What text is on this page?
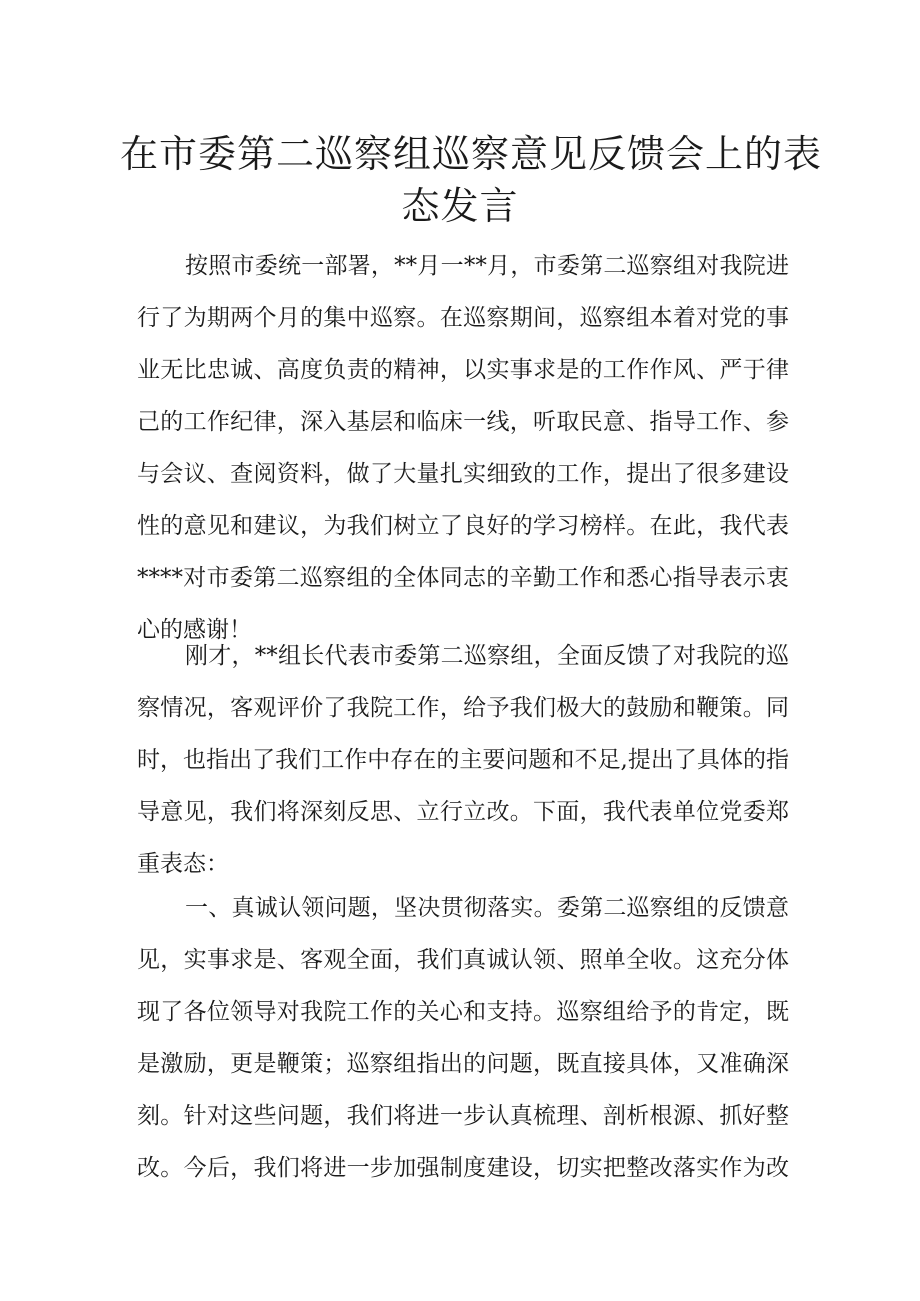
在市委第二巡察组巡察意见反馈会上的表
态发言
按照市委统一部署，**月一**月，市委第二巡察组对我院进
行了为期两个月的集中巡察。在巡察期间，巡察组本着对党的事
业无比忠诚、高度负责的精神，以实事求是的工作作风、严于律
己的工作纪律，深入基层和临床一线，听取民意、指导工作、参
与会议、查阅资料，做了大量扎实细致的工作，提出了很多建设
性的意见和建议，为我们树立了良好的学习榜样。在此，我代表
****对市委第二巡察组的全体同志的辛勤工作和悉心指导表示衷
心的感谢！
刚才，**组长代表市委第二巡察组，全面反馈了对我院的巡
察情况，客观评价了我院工作，给予我们极大的鼓励和鞭策。同
时，也指出了我们工作中存在的主要问题和不足,提出了具体的指
导意见，我们将深刻反思、立行立改。下面，我代表单位党委郑
重表态：
一、真诚认领问题，坚决贯彻落实。委第二巡察组的反馈意
见，实事求是、客观全面，我们真诚认领、照单全收。这充分体
现了各位领导对我院工作的关心和支持。巡察组给予的肯定，既
是激励，更是鞭策；巡察组指出的问题，既直接具体，又准确深
刻。针对这些问题，我们将进一步认真梳理、剖析根源、抓好整
改。今后，我们将进一步加强制度建设，切实把整改落实作为改
